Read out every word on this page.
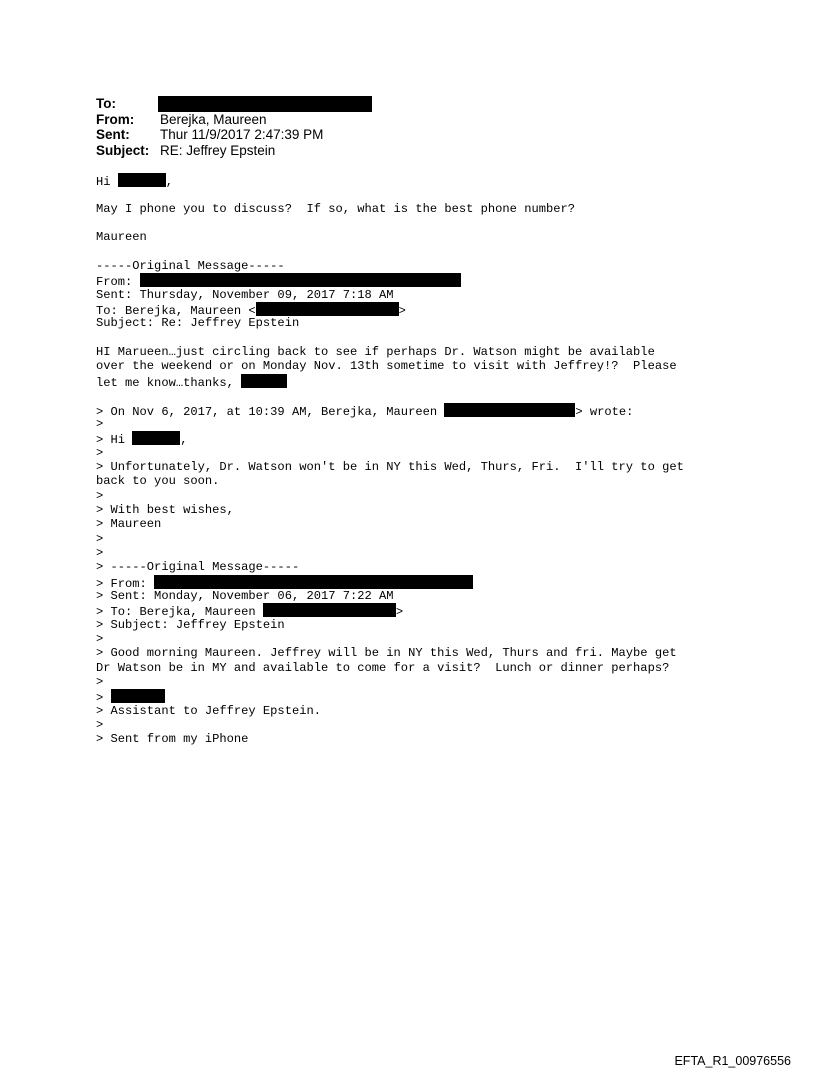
To:
From: Berejka, Maureen
Sent: Thur 11/9/2017 2:47:39 PM
Subject: RE: Jeffrey Epstein
Hi	,
May I phone you to discuss?  If so, what is the best phone number?
Maureen
-----Original Message-----
From:
Sent: Thursday, November 09, 2017 7:18 AM
To: Berejka, Maureen <	>
Subject: Re: Jeffrey Epstein
HI Marueen…just circling back to see if perhaps Dr. Watson might be available
over the weekend or on Monday Nov. 13th sometime to visit with Jeffrey!?  Please
let me know…thanks,
> On Nov 6, 2017, at 10:39 AM, Berejka, Maureen	> wrote:
>
> Hi	,
>
> Unfortunately, Dr. Watson won't be in NY this Wed, Thurs, Fri.  I'll try to get
back to you soon.
>
> With best wishes,
> Maureen
>
>
> -----Original Message-----
> From:
> Sent: Monday, November 06, 2017 7:22 AM
> To: Berejka, Maureen	>
> Subject: Jeffrey Epstein
>
> Good morning Maureen. Jeffrey will be in NY this Wed, Thurs and fri. Maybe get
Dr Watson be in MY and available to come for a visit?  Lunch or dinner perhaps?
>
>
> Assistant to Jeffrey Epstein.
>
> Sent from my iPhone
EFTA_R1_00976556
